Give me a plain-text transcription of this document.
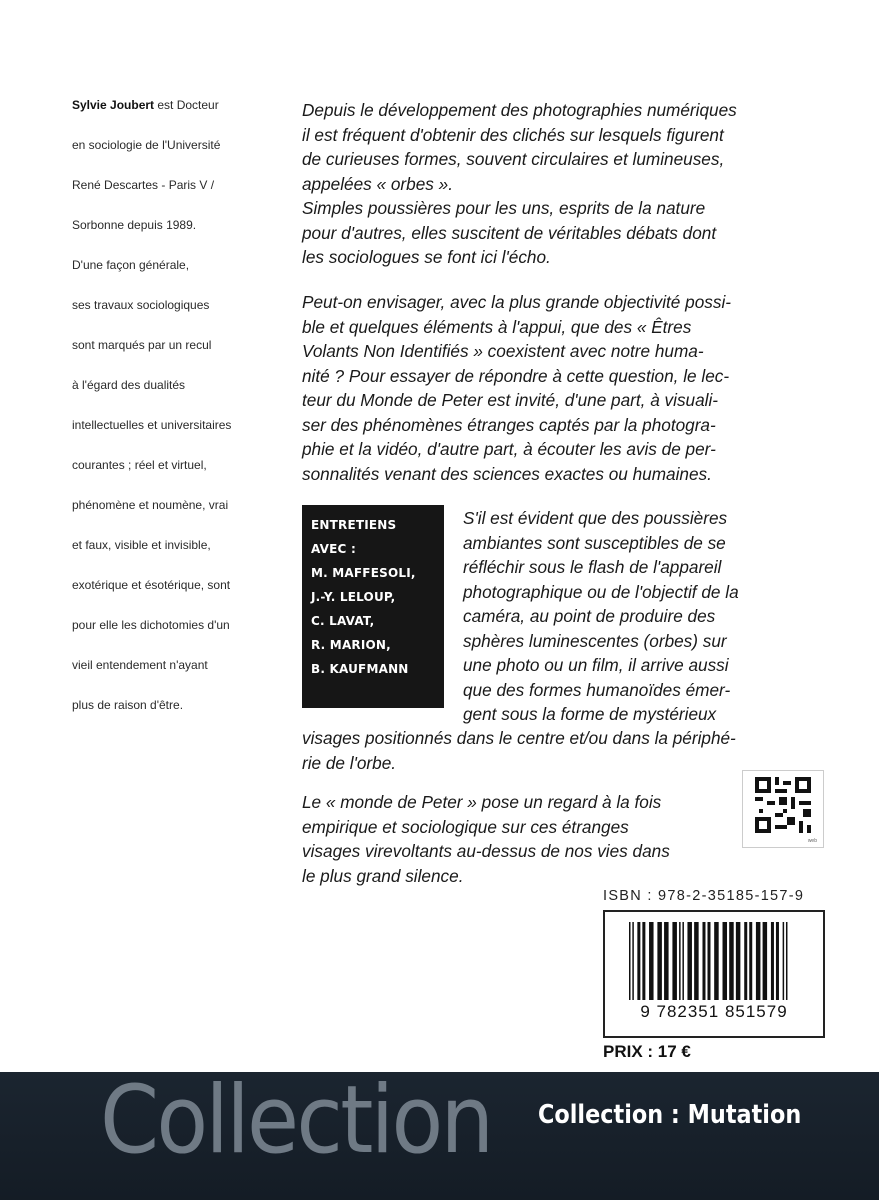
Sylvie Joubert est Docteur
en sociologie de l'Université
René Descartes - Paris V /
Sorbonne depuis 1989.
D'une façon générale,
ses travaux sociologiques
sont marqués par un recul
à l'égard des dualités
intellectuelles et universitaires
courantes ; réel et virtuel,
phénomène et noumène, vrai
et faux, visible et invisible,
exotérique et ésotérique, sont
pour elle les dichotomies d'un
vieil entendement n'ayant
plus de raison d'être.

Depuis le développement des photographies numériques
il est fréquent d'obtenir des clichés sur lesquels figurent
de curieuses formes, souvent circulaires et lumineuses,
appelées « orbes ».
Simples poussières pour les uns, esprits de la nature
pour d'autres, elles suscitent de véritables débats dont
les sociologues se font ici l'écho.

Peut-on envisager, avec la plus grande objectivité possi-
ble et quelques éléments à l'appui, que des « Êtres
Volants Non Identifiés » coexistent avec notre huma-
nité ? Pour essayer de répondre à cette question, le lec-
teur du Monde de Peter est invité, d'une part, à visuali-
ser des phénomènes étranges captés par la photogra-
phie et la vidéo, d'autre part, à écouter les avis de per-
sonnalités venant des sciences exactes ou humaines.

ENTRETIENS
AVEC :
M. MAFFESOLI,
J.-Y. LELOUP,
C. LAVAT,
R. MARION,
B. KAUFMANN

S'il est évident que des poussières
ambiantes sont susceptibles de se
réfléchir sous le flash de l'appareil
photographique ou de l'objectif de la
caméra, au point de produire des
sphères luminescentes (orbes) sur
une photo ou un film, il arrive aussi
que des formes humanoïdes émer-
gent sous la forme de mystérieux

visages positionnés dans le centre et/ou dans la périphé-
rie de l'orbe.

Le « monde de Peter » pose un regard à la fois
empirique et sociologique sur ces étranges
visages virevoltants au-dessus de nos vies dans
le plus grand silence.

web
ISBN : 978-2-35185-157-9
9 782351 851579
PRIX : 17 €
Collection Collection : Mutation
